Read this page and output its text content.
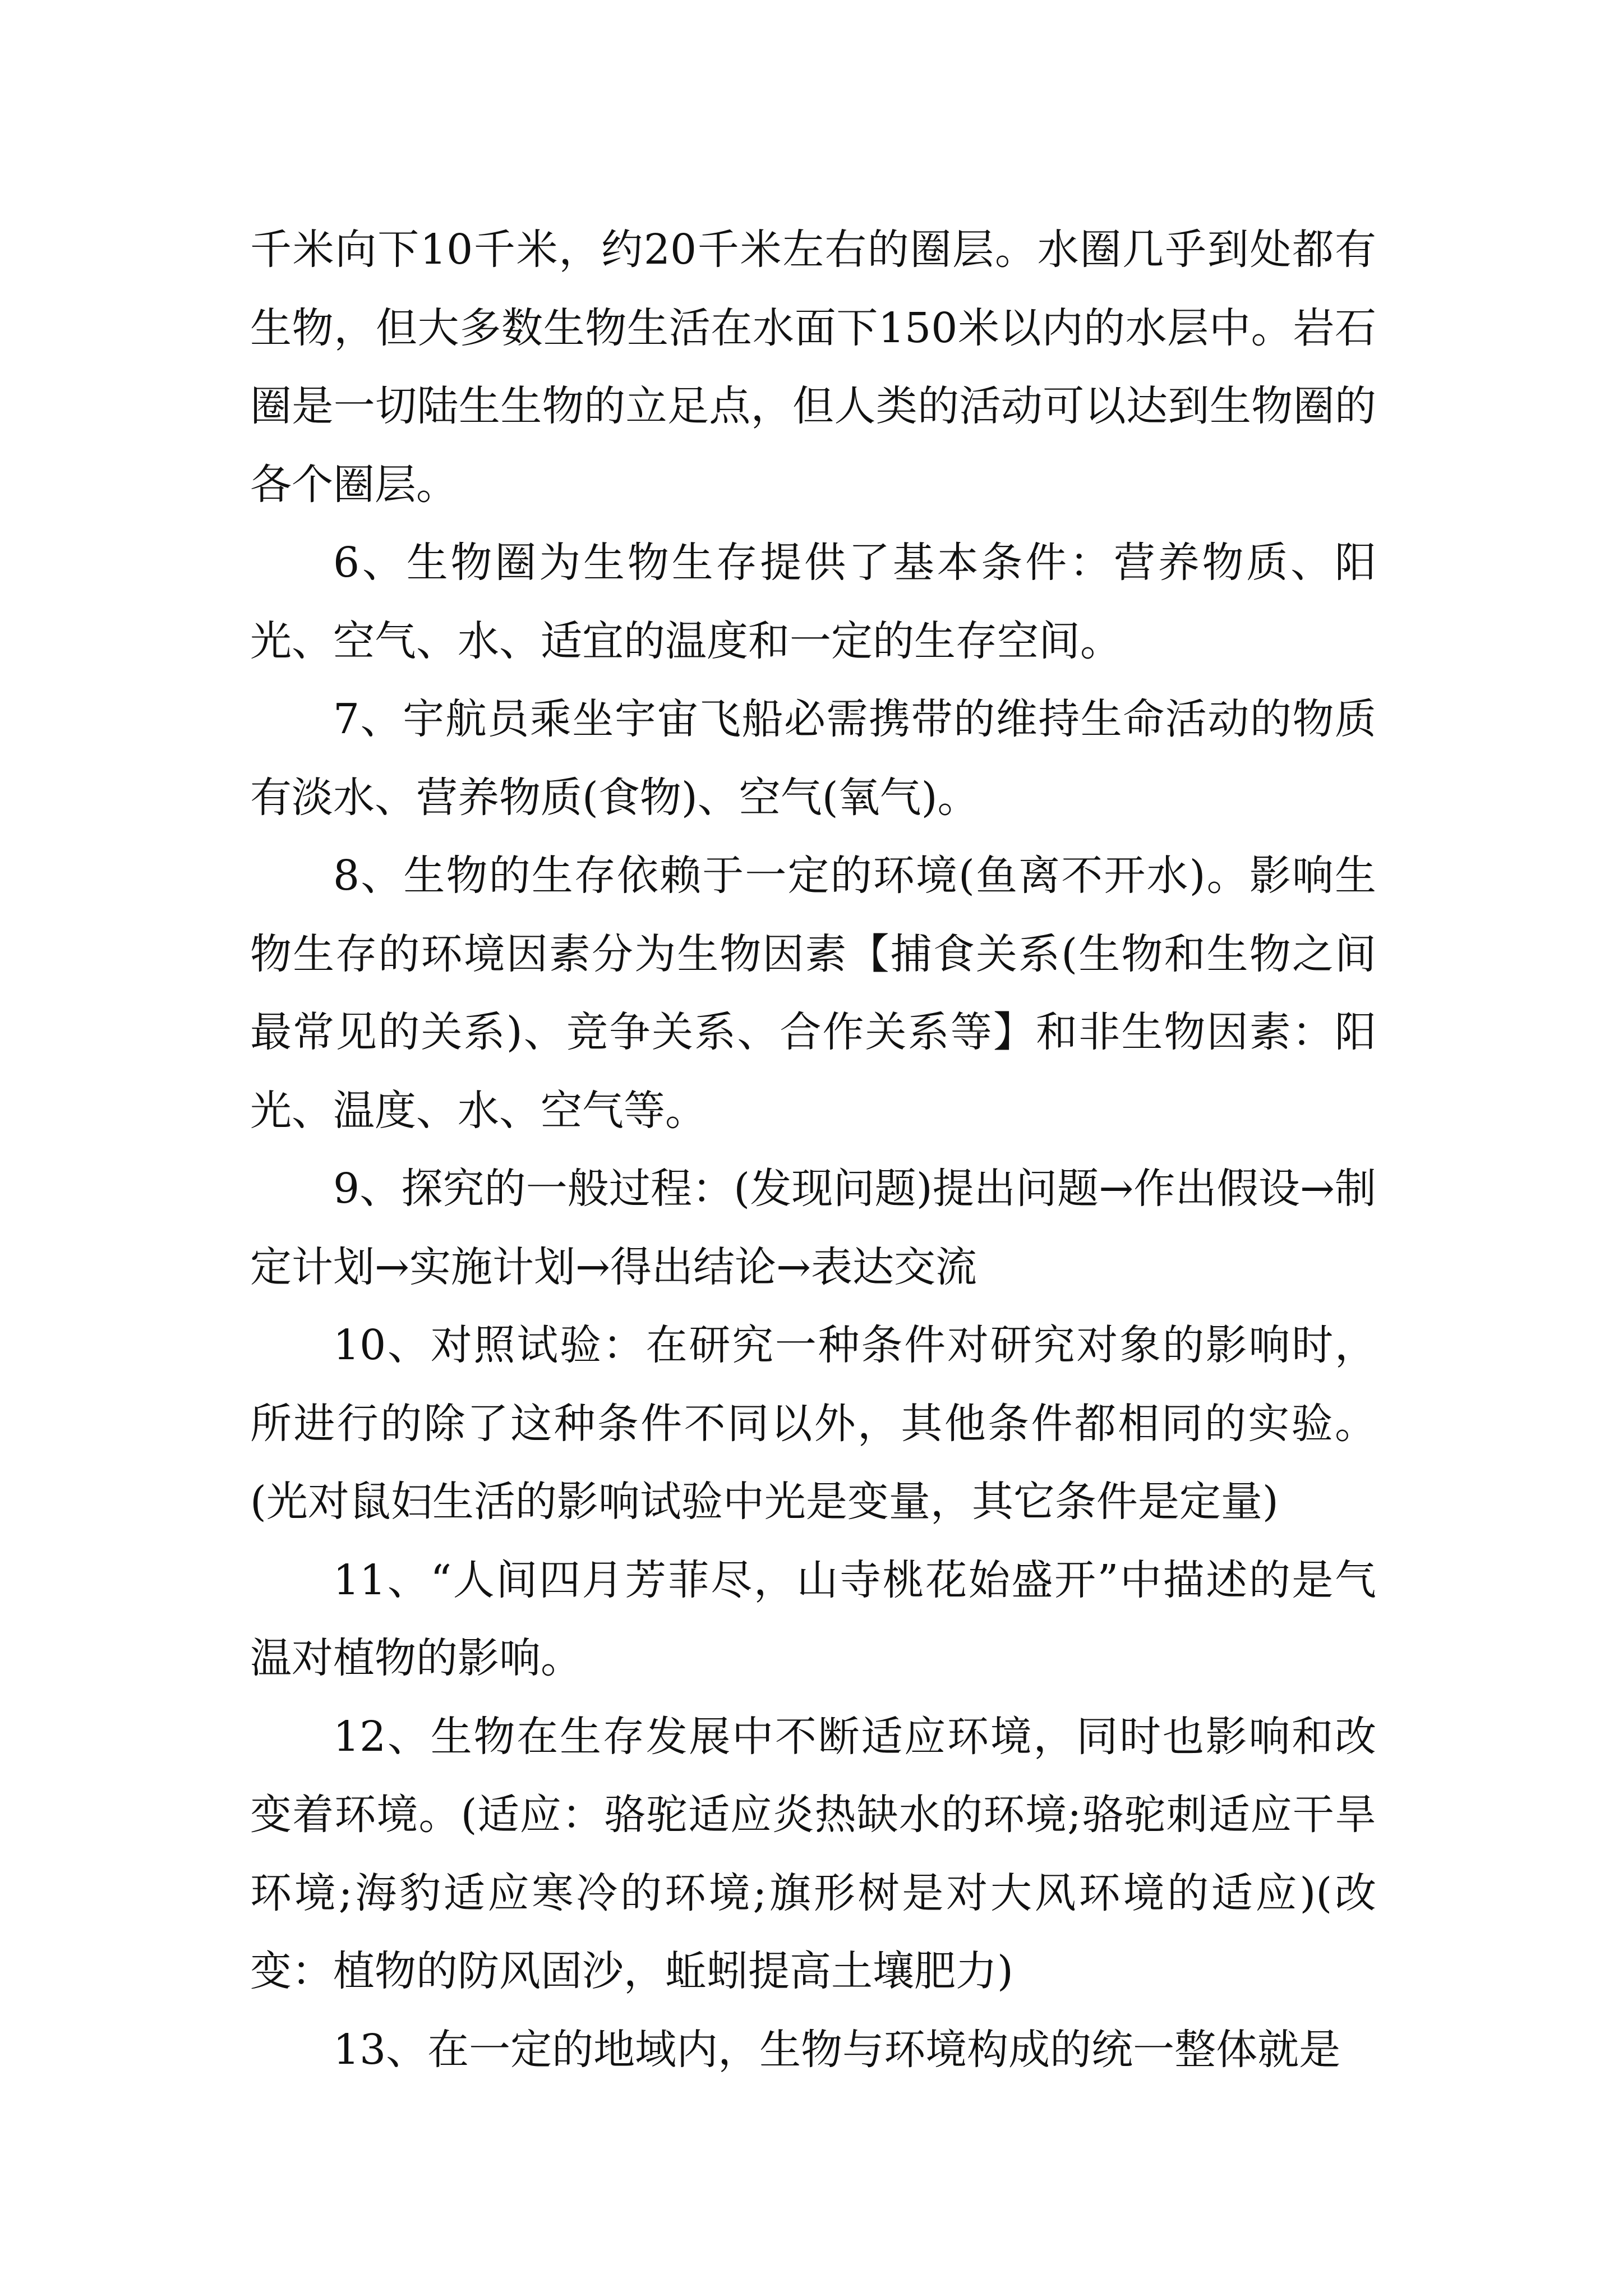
千米向下10千米，约20千米左右的圈层。水圈几乎到处都有生物，但大多数生物生活在水面下150米以内的水层中。岩石圈是一切陆生生物的立足点，但人类的活动可以达到生物圈的各个圈层。

6、生物圈为生物生存提供了基本条件：营养物质、阳光、空气、水、适宜的温度和一定的生存空间。

7、宇航员乘坐宇宙飞船必需携带的维持生命活动的物质有淡水、营养物质(食物)、空气(氧气)。

8、生物的生存依赖于一定的环境(鱼离不开水)。影响生物生存的环境因素分为生物因素【捕食关系(生物和生物之间最常见的关系)、竞争关系、合作关系等】和非生物因素：阳光、温度、水、空气等。

9、探究的一般过程：(发现问题)提出问题→作出假设→制定计划→实施计划→得出结论→表达交流

10、对照试验：在研究一种条件对研究对象的影响时，所进行的除了这种条件不同以外，其他条件都相同的实验。(光对鼠妇生活的影响试验中光是变量，其它条件是定量)

11、“人间四月芳菲尽，山寺桃花始盛开”中描述的是气温对植物的影响。

12、生物在生存发展中不断适应环境，同时也影响和改变着环境。(适应：骆驼适应炎热缺水的环境;骆驼刺适应干旱环境;海豹适应寒冷的环境;旗形树是对大风环境的适应)(改变：植物的防风固沙，蚯蚓提高土壤肥力)

13、在一定的地域内，生物与环境构成的统一整体就是
